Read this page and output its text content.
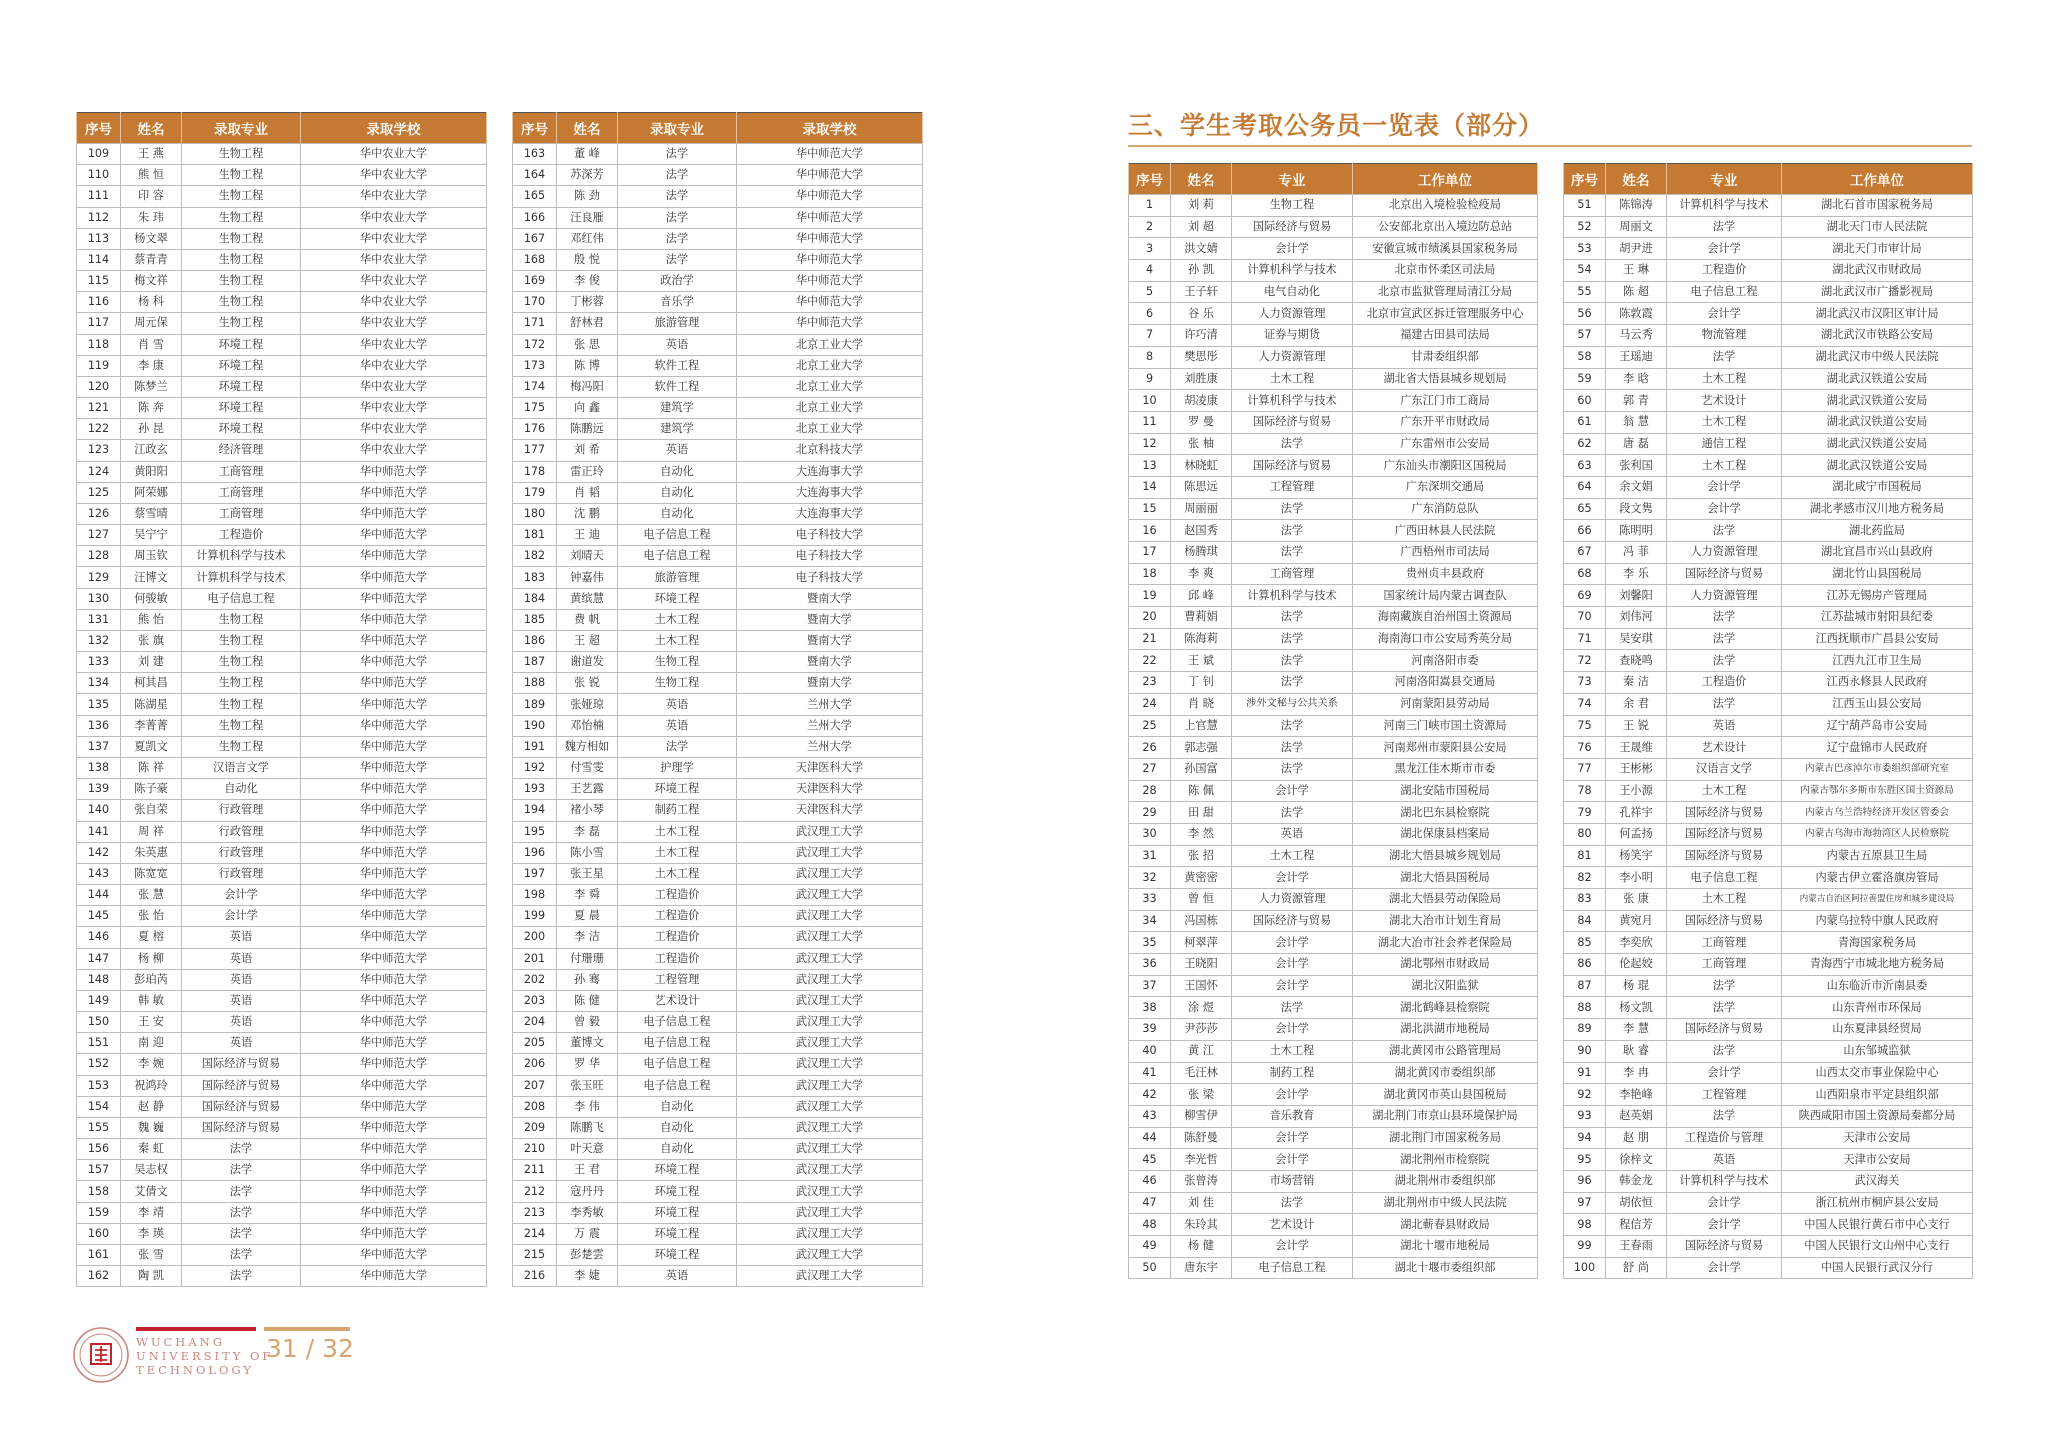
序号	姓名	录取专业	录取学校
109	王 燕	生物工程	华中农业大学
110	熊 恒	生物工程	华中农业大学
111	印 容	生物工程	华中农业大学
112	朱 玮	生物工程	华中农业大学
113	杨文翠	生物工程	华中农业大学
114	蔡青青	生物工程	华中农业大学
115	梅文祥	生物工程	华中农业大学
116	杨 科	生物工程	华中农业大学
117	周元保	生物工程	华中农业大学
118	肖 雪	环境工程	华中农业大学
119	李 康	环境工程	华中农业大学
120	陈梦兰	环境工程	华中农业大学
121	陈 奔	环境工程	华中农业大学
122	孙 昆	环境工程	华中农业大学
123	江政玄	经济管理	华中农业大学
124	黄阳阳	工商管理	华中师范大学
125	阿荣娜	工商管理	华中师范大学
126	蔡雪晴	工商管理	华中师范大学
127	吴宁宁	工程造价	华中师范大学
128	周玉钦	计算机科学与技术	华中师范大学
129	汪博文	计算机科学与技术	华中师范大学
130	何骏敏	电子信息工程	华中师范大学
131	熊 怡	生物工程	华中师范大学
132	张 旗	生物工程	华中师范大学
133	刘 建	生物工程	华中师范大学
134	柯其昌	生物工程	华中师范大学
135	陈湖星	生物工程	华中师范大学
136	李菁菁	生物工程	华中师范大学
137	夏凯文	生物工程	华中师范大学
138	陈 祥	汉语言文学	华中师范大学
139	陈子豪	自动化	华中师范大学
140	张自荣	行政管理	华中师范大学
141	周 祥	行政管理	华中师范大学
142	朱英惠	行政管理	华中师范大学
143	陈宽宽	行政管理	华中师范大学
144	张 慧	会计学	华中师范大学
145	张 怡	会计学	华中师范大学
146	夏 榕	英语	华中师范大学
147	杨 柳	英语	华中师范大学
148	彭珀芮	英语	华中师范大学
149	韩 敏	英语	华中师范大学
150	王 安	英语	华中师范大学
151	南 迎	英语	华中师范大学
152	李 婉	国际经济与贸易	华中师范大学
153	祝鸿玲	国际经济与贸易	华中师范大学
154	赵 静	国际经济与贸易	华中师范大学
155	魏 巍	国际经济与贸易	华中师范大学
156	秦 虹	法学	华中师范大学
157	吴志权	法学	华中师范大学
158	艾倩文	法学	华中师范大学
159	李 靖	法学	华中师范大学
160	李 瑛	法学	华中师范大学
161	张 雪	法学	华中师范大学
162	陶 凯	法学	华中师范大学
序号	姓名	录取专业	录取学校
163	董 峰	法学	华中师范大学
164	苏深芳	法学	华中师范大学
165	陈 劲	法学	华中师范大学
166	汪良雁	法学	华中师范大学
167	邓红伟	法学	华中师范大学
168	殷 悦	法学	华中师范大学
169	李 俊	政治学	华中师范大学
170	丁彬蓉	音乐学	华中师范大学
171	舒林君	旅游管理	华中师范大学
172	张 思	英语	北京工业大学
173	陈 博	软件工程	北京工业大学
174	梅冯阳	软件工程	北京工业大学
175	向 鑫	建筑学	北京工业大学
176	陈鹏远	建筑学	北京工业大学
177	刘 希	英语	北京科技大学
178	雷正玲	自动化	大连海事大学
179	肖 韬	自动化	大连海事大学
180	沈 鹏	自动化	大连海事大学
181	王 迪	电子信息工程	电子科技大学
182	刘晴天	电子信息工程	电子科技大学
183	钟嘉伟	旅游管理	电子科技大学
184	黄缤慧	环境工程	暨南大学
185	费 帆	土木工程	暨南大学
186	王 超	土木工程	暨南大学
187	谢道发	生物工程	暨南大学
188	张 锐	生物工程	暨南大学
189	张娅琼	英语	兰州大学
190	邓怡楠	英语	兰州大学
191	魏方相如	法学	兰州大学
192	付雪雯	护理学	天津医科大学
193	王艺露	环境工程	天津医科大学
194	褚小琴	制药工程	天津医科大学
195	李 磊	土木工程	武汉理工大学
196	陈小雪	土木工程	武汉理工大学
197	张王星	土木工程	武汉理工大学
198	李 舜	工程造价	武汉理工大学
199	夏 晨	工程造价	武汉理工大学
200	李 洁	工程造价	武汉理工大学
201	付珊珊	工程造价	武汉理工大学
202	孙 骞	工程管理	武汉理工大学
203	陈 健	艺术设计	武汉理工大学
204	曾 毅	电子信息工程	武汉理工大学
205	董博文	电子信息工程	武汉理工大学
206	罗 华	电子信息工程	武汉理工大学
207	张玉旺	电子信息工程	武汉理工大学
208	李 伟	自动化	武汉理工大学
209	陈鹏飞	自动化	武汉理工大学
210	叶天意	自动化	武汉理工大学
211	王 君	环境工程	武汉理工大学
212	寇丹丹	环境工程	武汉理工大学
213	李秀敏	环境工程	武汉理工大学
214	万 震	环境工程	武汉理工大学
215	彭楚雲	环境工程	武汉理工大学
216	李 婕	英语	武汉理工大学
三、学生考取公务员一览表（部分）
序号	姓名	专业	工作单位
1	刘 莉	生物工程	北京出入境检验检疫局
2	刘 超	国际经济与贸易	公安部北京出入境边防总站
3	洪文婧	会计学	安徽宣城市绩溪县国家税务局
4	孙 凯	计算机科学与技术	北京市怀柔区司法局
5	王子轩	电气自动化	北京市监狱管理局清江分局
6	谷 乐	人力资源管理	北京市宣武区拆迁管理服务中心
7	许巧清	证券与期货	福建古田县司法局
8	樊思彤	人力资源管理	甘肃委组织部
9	刘胜康	土木工程	湖北省大悟县城乡规划局
10	胡凌康	计算机科学与技术	广东江门市工商局
11	罗 曼	国际经济与贸易	广东开平市财政局
12	张 柚	法学	广东雷州市公安局
13	林晓虹	国际经济与贸易	广东汕头市潮阳区国税局
14	陈思远	工程管理	广东深圳交通局
15	周丽丽	法学	广东消防总队
16	赵国秀	法学	广西田林县人民法院
17	杨腾琪	法学	广西梧州市司法局
18	李 爽	工商管理	贵州贞丰县政府
19	邱 峰	计算机科学与技术	国家统计局内蒙古调查队
20	曹莉娟	法学	海南藏族自治州国土资源局
21	陈海莉	法学	海南海口市公安局秀英分局
22	王 斌	法学	河南洛阳市委
23	丁 钊	法学	河南洛阳嵩县交通局
24	肖 晓	涉外文秘与公共关系	河南蒙阳县劳动局
25	上官慧	法学	河南三门峡市国土资源局
26	郭志强	法学	河南郑州市蒙阳县公安局
27	孙国富	法学	黑龙江佳木斯市市委
28	陈 佩	会计学	湖北安陆市国税局
29	田 甜	法学	湖北巴东县检察院
30	李 然	英语	湖北保康县档案局
31	张 招	土木工程	湖北大悟县城乡规划局
32	黄密密	会计学	湖北大悟县国税局
33	曾 恒	人力资源管理	湖北大悟县劳动保险局
34	冯国栋	国际经济与贸易	湖北大冶市计划生育局
35	柯翠萍	会计学	湖北大冶市社会养老保险局
36	王晓阳	会计学	湖北鄂州市财政局
37	王国怀	会计学	湖北汉阳监狱
38	涂 煜	法学	湖北鹤峰县检察院
39	尹莎莎	会计学	湖北洪湖市地税局
40	黄 江	土木工程	湖北黄冈市公路管理局
41	毛汪林	制药工程	湖北黄冈市委组织部
42	张 梁	会计学	湖北黄冈市英山县国税局
43	柳雪伊	音乐教育	湖北荆门市京山县环境保护局
44	陈舒曼	会计学	湖北荆门市国家税务局
45	李光哲	会计学	湖北荆州市检察院
46	张曾涛	市场营销	湖北荆州市委组织部
47	刘 佳	法学	湖北荆州市中级人民法院
48	朱玲其	艺术设计	湖北蕲春县财政局
49	杨 健	会计学	湖北十堰市地税局
50	唐东宇	电子信息工程	湖北十堰市委组织部
序号	姓名	专业	工作单位
51	陈锦涛	计算机科学与技术	湖北石首市国家税务局
52	周丽文	法学	湖北天门市人民法院
53	胡尹进	会计学	湖北天门市审计局
54	王 琳	工程造价	湖北武汉市财政局
55	陈 超	电子信息工程	湖北武汉市广播影视局
56	陈敦霞	会计学	湖北武汉市汉阳区审计局
57	马云秀	物流管理	湖北武汉市铁路公安局
58	王瑶迪	法学	湖北武汉市中级人民法院
59	李 晗	土木工程	湖北武汉铁道公安局
60	郭 青	艺术设计	湖北武汉铁道公安局
61	翁 慧	土木工程	湖北武汉铁道公安局
62	唐 磊	通信工程	湖北武汉铁道公安局
63	张利国	土木工程	湖北武汉铁道公安局
64	余文娟	会计学	湖北咸宁市国税局
65	段文隽	会计学	湖北孝感市汉川地方税务局
66	陈明明	法学	湖北药监局
67	冯 菲	人力资源管理	湖北宜昌市兴山县政府
68	李 乐	国际经济与贸易	湖北竹山县国税局
69	刘馨阳	人力资源管理	江苏无锡房产管理局
70	刘伟河	法学	江苏盐城市射阳县纪委
71	吴安琪	法学	江西抚顺市广昌县公安局
72	查晓鸣	法学	江西九江市卫生局
73	秦 洁	工程造价	江西永修县人民政府
74	余 君	法学	江西玉山县公安局
75	王 锐	英语	辽宁葫芦岛市公安局
76	王晟维	艺术设计	辽宁盘锦市人民政府
77	王彬彬	汉语言文学	内蒙古巴彦淖尔市委组织部研究室
78	王小源	土木工程	内蒙古鄂尔多斯市东胜区国土资源局
79	孔祥宇	国际经济与贸易	内蒙古乌兰浩特经济开发区管委会
80	何孟扬	国际经济与贸易	内蒙古乌海市海勃湾区人民检察院
81	杨笑宇	国际经济与贸易	内蒙古五原县卫生局
82	李小明	电子信息工程	内蒙古伊立霍洛旗房管局
83	张 康	土木工程	内蒙古自治区阿拉善盟住房和城乡建设局
84	黄宛月	国际经济与贸易	内蒙乌拉特中旗人民政府
85	李奕欣	工商管理	青海国家税务局
86	伦起姣	工商管理	青海西宁市城北地方税务局
87	杨 琨	法学	山东临沂市沂南县委
88	杨文凯	法学	山东青州市环保局
89	李 慧	国际经济与贸易	山东夏津县经贸局
90	耿 睿	法学	山东邹城监狱
91	李 冉	会计学	山西太交市事业保险中心
92	李艳峰	工程管理	山西阳泉市平定县组织部
93	赵英娟	法学	陕西咸阳市国土资源局秦都分局
94	赵 朋	工程造价与管理	天津市公安局
95	徐梓文	英语	天津市公安局
96	韩金龙	计算机科学与技术	武汉海关
97	胡依恒	会计学	浙江杭州市桐庐县公安局
98	程信芳	会计学	中国人民银行黄石市中心支行
99	王春雨	国际经济与贸易	中国人民银行文山州中心支行
100	舒 尚	会计学	中国人民银行武汉分行
WUCHANG
UNIVERSITY OF
TECHNOLOGY
31 / 32
